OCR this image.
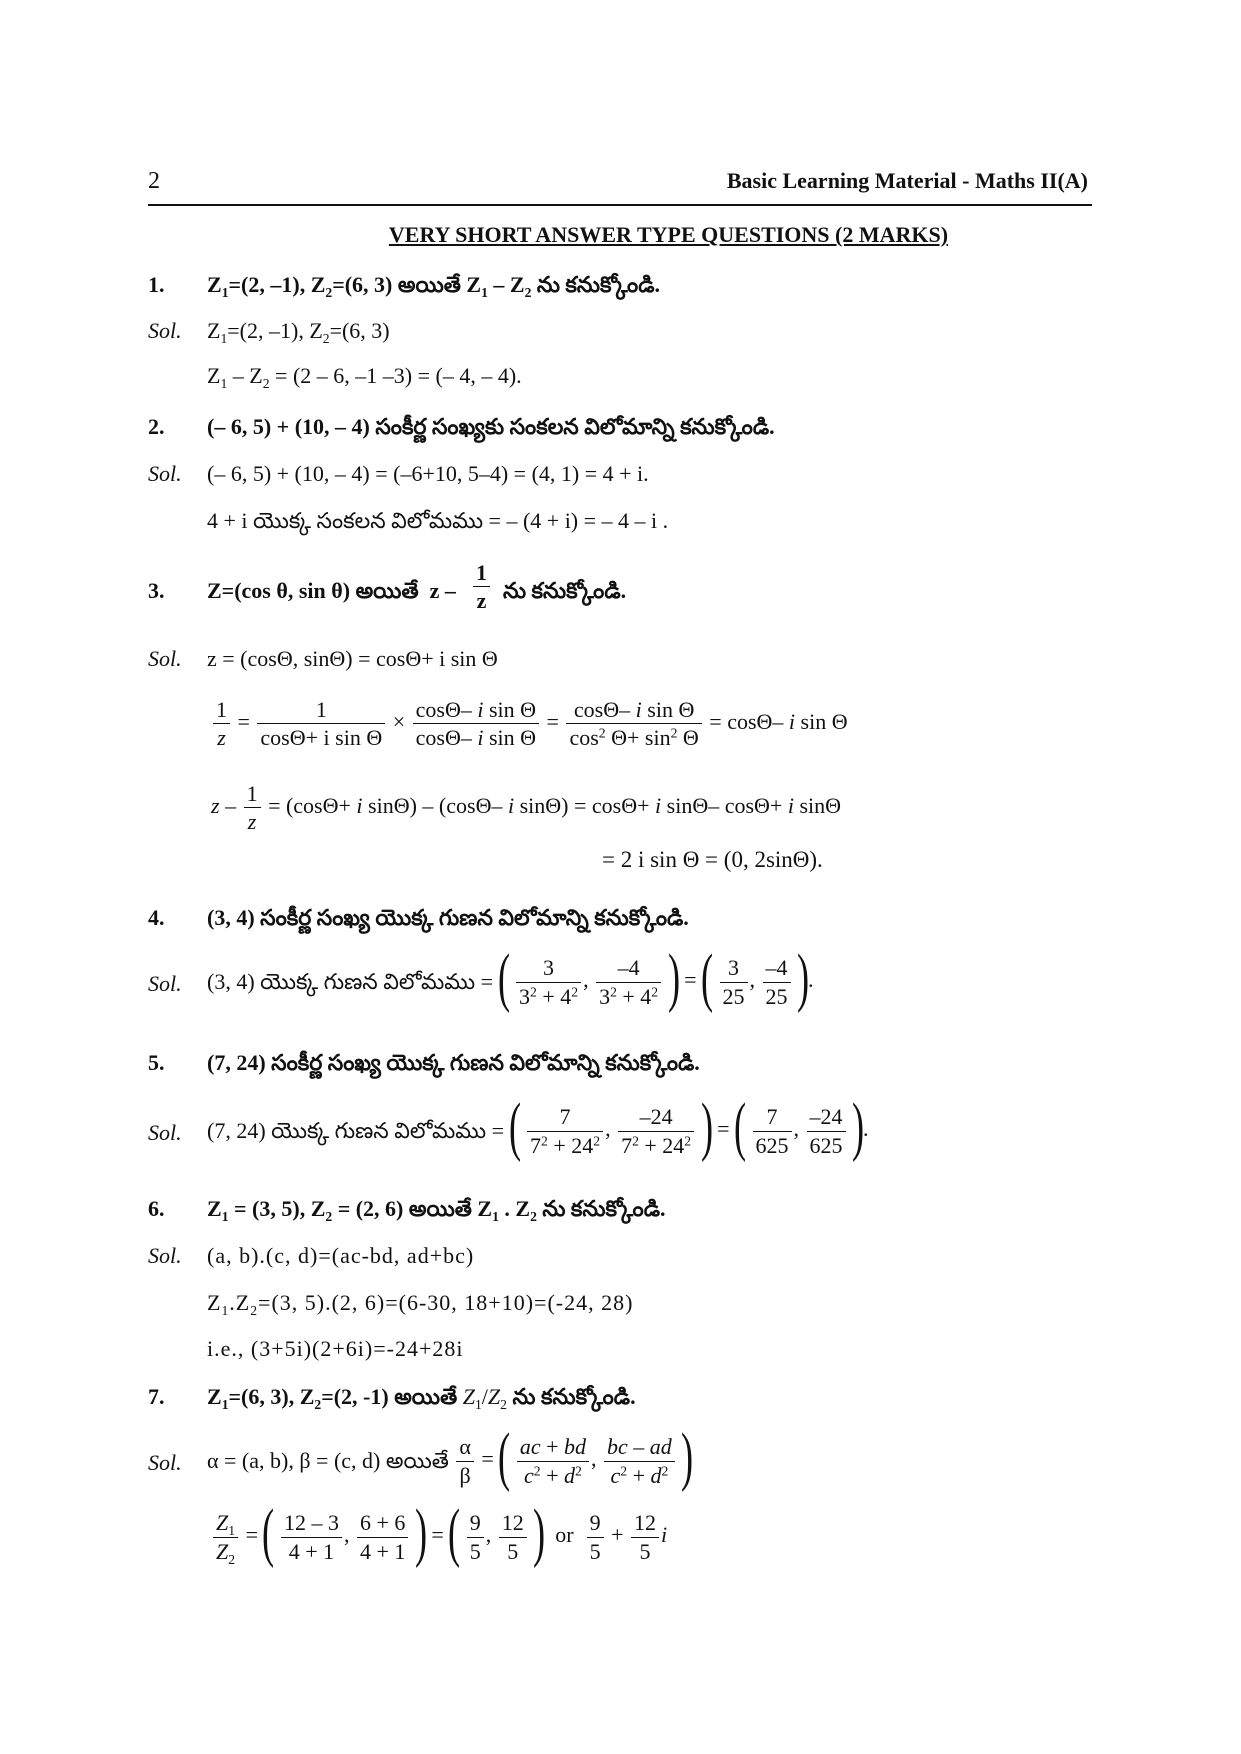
2	Basic Learning Material - Maths II(A)
VERY SHORT ANSWER TYPE QUESTIONS (2 MARKS)
1. $Z_1=(2$, –1), $Z_2=(6$, 3) అయితే $Z_1 - Z_2$ ను కనుక్కోండి.
Sol. $Z_1=(2$, –1), $Z_2=(6$, 3)
$Z_1 - Z_2 = (2 - 6$, –1 –3) = (– 4, – 4).
2. (– 6, 5) + (10, – 4) సంకీర్ణ సంఖ్యకు సంకలన విలోమాన్ని కనుక్కోండి.
Sol. (– 6, 5) + (10, – 4) = (–6+10, 5–4) = (4, 1) = 4 + i.
4 + i యొక్క సంకలన విలోమము = – (4 + i) = – 4 – i .
3. Z=(cos θ, sin θ) అయితే  z – $\frac{1}{z}$ ను కనుక్కోండి.
Sol. z = (cosΘ, sinΘ) = cosΘ+ i sin Θ
$\frac{1}{z} = \frac{1}{\text{cosΘ+ i sin Θ}} \times \frac{\text{cosΘ– i sin Θ}}{\text{cosΘ– i sin Θ}} = \frac{\text{cosΘ– i sin Θ}}{\cos^2 \Theta+ \sin^2 \Theta} = \cos\Theta-$ i sin Θ
$z - \frac{1}{z} = (\cos\Theta+ i$ sinΘ) – (cosΘ– i sinΘ) = cosΘ+ i sinΘ– cosΘ+ i sinΘ
= 2 i sin Θ = (0, 2sinΘ).
4. (3, 4) సంకీర్ణ సంఖ్య యొక్క గుణన విలోమాన్ని కనుక్కోండి.
Sol. (3, 4) యొక్క గుణన విలోమము = ( $\frac{3}{3^2 + 4^2}$ , $\frac{-4}{3^2 + 4^2}$ ) = ( $\frac{3}{25}$ , $\frac{-4}{25}$ ).
5. (7, 24) సంకీర్ణ సంఖ్య యొక్క గుణన విలోమాన్ని కనుక్కోండి.
Sol. (7, 24) యొక్క గుణన విలోమము = ( $\frac{7}{7^2 + 24^2}$ , $\frac{-24}{7^2 + 24^2}$ ) = ( $\frac{7}{625}$ , $\frac{-24}{625}$ ).
6. $Z_1 = (3$, 5), $Z_2 = (2$, 6) అయితే $Z_1$ . $Z_2$ ను కనుక్కోండి.
Sol. (a, b).(c, d)=(ac-bd, ad+bc)
$Z_1.Z_2=(3$, 5).(2, 6)=(6-30, 18+10)=(-24, 28)
i.e., (3+5i)(2+6i)=-24+28i
7. $Z_1=(6$, 3), $Z_2=(2$, -1) అయితే $Z_1/Z_2$ ను కనుక్కోండి.
Sol. α = (a, b), β = (c, d) అయితే $\frac{\alpha}{\beta}$ = ( $\frac{ac + bd}{c^2 + d^2}$ , $\frac{bc - ad}{c^2 + d^2}$ )
$\frac{Z_1}{Z_2}$ = ( $\frac{12 - 3}{4 + 1}$ , $\frac{6 + 6}{4 + 1}$ ) = ( $\frac{9}{5}$ , $\frac{12}{5}$ ) or $\frac{9}{5} + \frac{12}{5}$ i
